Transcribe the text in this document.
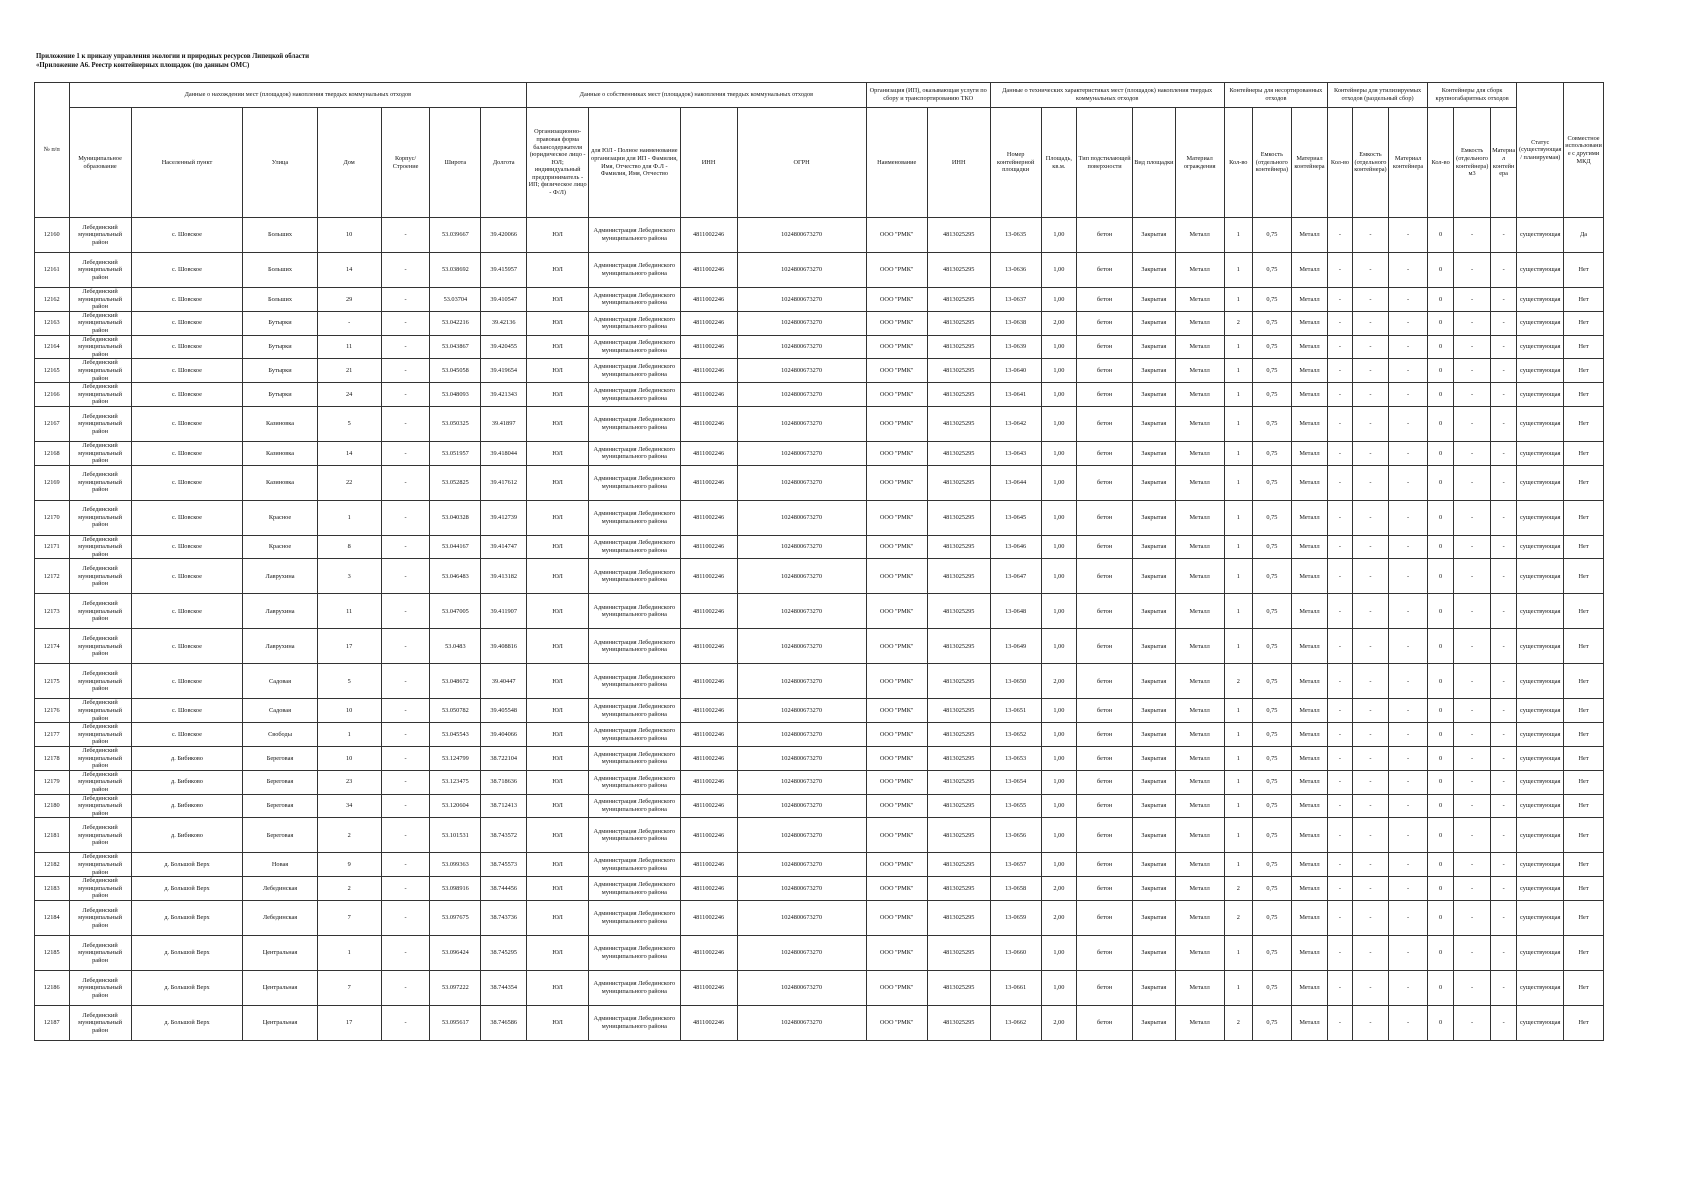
Приложение 1 к приказу управления экологии и природных ресурсов Липецкой области
«Приложение А6. Реестр контейнерных площадок (по данным ОМС)
№ п/п	Данные о нахождении мест (площадок) накопления твердых коммунальных отходов							Данные о собственниках мест (площадок) накопления твердых коммунальных отходов				Организация (ИП), оказывающая услуги по сбору и транспортированию ТКО		Данные о технических характеристиках мест (площадок) накопления твердых коммунальных отходов					Контейнеры для несортированных отходов			Контейнеры для утилизируемых отходов (раздельный сбор)			Контейнеры для сборк крупногабаритных отходов			Статус (существующая/ планируемая)	Совместное использование с другими МКД
	Муниципальное образование	Населенный пункт	Улица	Дом	Корпус/Строение	Широта	Долгота	Организационно-правовая форма балансодержателя (юридическое лицо - ЮЛ; индивидуальный предприниматель - ИП; физическое лицо - Ф/Л)	для ЮЛ - Полное наименование организации для ИП - Фамилия, Имя, Отчество для Ф.Л - Фамилия, Имя, Отчество	ИНН	ОГРН	Наименование	ИНН	Номер контейнерной площадки	Площадь, кв.м.	Тип подстилающей поверхности	Вид площадки	Материал ограждения	Кол-во	Емкость (отдельного контейнера)	Материал контейнера	Кол-во	Емкость (отдельного контейнера)	Материал контейнера	Кол-во	Емкость (отдельного контейнера) м3	Материал контейнера		
12160	Лебединский муниципальный район	с. Шовское	Больших	10	-	53.039667	39.420066	ЮЛ	Администрация Лебединского муниципального района	4811002246	1024800673270	ООО "РМК"	4813025295	13-0635	1,00	бетон	Закрытая	Металл	1	0,75	Металл	-	-	-	0	-	-	существующая	Да
12161	Лебединский муниципальный район	с. Шовское	Больших	14	-	53.038692	39.415957	ЮЛ	Администрация Лебединского муниципального района	4811002246	1024800673270	ООО "РМК"	4813025295	13-0636	1,00	бетон	Закрытая	Металл	1	0,75	Металл	-	-	-	0	-	-	существующая	Нет
12162	Лебединский муниципальный район	с. Шовское	Больших	29	-	53.03704	39.410547	ЮЛ	Администрация Лебединского муниципального района	4811002246	1024800673270	ООО "РМК"	4813025295	13-0637	1,00	бетон	Закрытая	Металл	1	0,75	Металл	-	-	-	0	-	-	существующая	Нет
12163	Лебединский муниципальный район	с. Шовское	Бутырки	-	-	53.042216	39.42136	ЮЛ	Администрация Лебединского муниципального района	4811002246	1024800673270	ООО "РМК"	4813025295	13-0638	2,00	бетон	Закрытая	Металл	2	0,75	Металл	-	-	-	0	-	-	существующая	Нет
12164	Лебединский муниципальный район	с. Шовское	Бутырки	11	-	53.043867	39.420455	ЮЛ	Администрация Лебединского муниципального района	4811002246	1024800673270	ООО "РМК"	4813025295	13-0639	1,00	бетон	Закрытая	Металл	1	0,75	Металл	-	-	-	0	-	-	существующая	Нет
12165	Лебединский муниципальный район	с. Шовское	Бутырки	21	-	53.045058	39.419654	ЮЛ	Администрация Лебединского муниципального района	4811002246	1024800673270	ООО "РМК"	4813025295	13-0640	1,00	бетон	Закрытая	Металл	1	0,75	Металл	-	-	-	0	-	-	существующая	Нет
12166	Лебединский муниципальный район	с. Шовское	Бутырки	24	-	53.048093	39.421343	ЮЛ	Администрация Лебединского муниципального района	4811002246	1024800673270	ООО "РМК"	4813025295	13-0641	1,00	бетон	Закрытая	Металл	1	0,75	Металл	-	-	-	0	-	-	существующая	Нет
12167	Лебединский муниципальный район	с. Шовское	Казиновка	5	-	53.050325	39.41897	ЮЛ	Администрация Лебединского муниципального района	4811002246	1024800673270	ООО "РМК"	4813025295	13-0642	1,00	бетон	Закрытая	Металл	1	0,75	Металл	-	-	-	0	-	-	существующая	Нет
12168	Лебединский муниципальный район	с. Шовское	Казиновка	14	-	53.051957	39.418044	ЮЛ	Администрация Лебединского муниципального района	4811002246	1024800673270	ООО "РМК"	4813025295	13-0643	1,00	бетон	Закрытая	Металл	1	0,75	Металл	-	-	-	0	-	-	существующая	Нет
12169	Лебединский муниципальный район	с. Шовское	Казиновка	22	-	53.052825	39.417612	ЮЛ	Администрация Лебединского муниципального района	4811002246	1024800673270	ООО "РМК"	4813025295	13-0644	1,00	бетон	Закрытая	Металл	1	0,75	Металл	-	-	-	0	-	-	существующая	Нет
12170	Лебединский муниципальный район	с. Шовское	Красное	1	-	53.040328	39.412739	ЮЛ	Администрация Лебединского муниципального района	4811002246	1024800673270	ООО "РМК"	4813025295	13-0645	1,00	бетон	Закрытая	Металл	1	0,75	Металл	-	-	-	0	-	-	существующая	Нет
12171	Лебединский муниципальный район	с. Шовское	Красное	8	-	53.044167	39.414747	ЮЛ	Администрация Лебединского муниципального района	4811002246	1024800673270	ООО "РМК"	4813025295	13-0646	1,00	бетон	Закрытая	Металл	1	0,75	Металл	-	-	-	0	-	-	существующая	Нет
12172	Лебединский муниципальный район	с. Шовское	Лаврухина	3	-	53.046483	39.413182	ЮЛ	Администрация Лебединского муниципального района	4811002246	1024800673270	ООО "РМК"	4813025295	13-0647	1,00	бетон	Закрытая	Металл	1	0,75	Металл	-	-	-	0	-	-	существующая	Нет
12173	Лебединский муниципальный район	с. Шовское	Лаврухина	11	-	53.047005	39.411907	ЮЛ	Администрация Лебединского муниципального района	4811002246	1024800673270	ООО "РМК"	4813025295	13-0648	1,00	бетон	Закрытая	Металл	1	0,75	Металл	-	-	-	0	-	-	существующая	Нет
12174	Лебединский муниципальный район	с. Шовское	Лаврухина	17	-	53.0483	39.408816	ЮЛ	Администрация Лебединского муниципального района	4811002246	1024800673270	ООО "РМК"	4813025295	13-0649	1,00	бетон	Закрытая	Металл	1	0,75	Металл	-	-	-	0	-	-	существующая	Нет
12175	Лебединский муниципальный район	с. Шовское	Садовая	5	-	53.048672	39.40447	ЮЛ	Администрация Лебединского муниципального района	4811002246	1024800673270	ООО "РМК"	4813025295	13-0650	2,00	бетон	Закрытая	Металл	2	0,75	Металл	-	-	-	0	-	-	существующая	Нет
12176	Лебединский муниципальный район	с. Шовское	Садовая	10	-	53.050782	39.405548	ЮЛ	Администрация Лебединского муниципального района	4811002246	1024800673270	ООО "РМК"	4813025295	13-0651	1,00	бетон	Закрытая	Металл	1	0,75	Металл	-	-	-	0	-	-	существующая	Нет
12177	Лебединский муниципальный район	с. Шовское	Свободы	1	-	53.045543	39.404066	ЮЛ	Администрация Лебединского муниципального района	4811002246	1024800673270	ООО "РМК"	4813025295	13-0652	1,00	бетон	Закрытая	Металл	1	0,75	Металл	-	-	-	0	-	-	существующая	Нет
12178	Лебединский муниципальный район	д. Бибиково	Береговая	10	-	53.124799	38.722104	ЮЛ	Администрация Лебединского муниципального района	4811002246	1024800673270	ООО "РМК"	4813025295	13-0653	1,00	бетон	Закрытая	Металл	1	0,75	Металл	-	-	-	0	-	-	существующая	Нет
12179	Лебединский муниципальный район	д. Бибиково	Береговая	23	-	53.123475	38.718636	ЮЛ	Администрация Лебединского муниципального района	4811002246	1024800673270	ООО "РМК"	4813025295	13-0654	1,00	бетон	Закрытая	Металл	1	0,75	Металл	-	-	-	0	-	-	существующая	Нет
12180	Лебединский муниципальный район	д. Бибиково	Береговая	34	-	53.120604	38.712413	ЮЛ	Администрация Лебединского муниципального района	4811002246	1024800673270	ООО "РМК"	4813025295	13-0655	1,00	бетон	Закрытая	Металл	1	0,75	Металл	-	-	-	0	-	-	существующая	Нет
12181	Лебединский муниципальный район	д. Бибиково	Береговая	2	-	53.101531	38.743572	ЮЛ	Администрация Лебединского муниципального района	4811002246	1024800673270	ООО "РМК"	4813025295	13-0656	1,00	бетон	Закрытая	Металл	1	0,75	Металл	-	-	-	0	-	-	существующая	Нет
12182	Лебединский муниципальный район	д. Большой Верх	Новая	9	-	53.099363	38.745573	ЮЛ	Администрация Лебединского муниципального района	4811002246	1024800673270	ООО "РМК"	4813025295	13-0657	1,00	бетон	Закрытая	Металл	1	0,75	Металл	-	-	-	0	-	-	существующая	Нет
12183	Лебединский муниципальный район	д. Большой Верх	Лебединская	2	-	53.098916	38.744456	ЮЛ	Администрация Лебединского муниципального района	4811002246	1024800673270	ООО "РМК"	4813025295	13-0658	2,00	бетон	Закрытая	Металл	2	0,75	Металл	-	-	-	0	-	-	существующая	Нет
12184	Лебединский муниципальный район	д. Большой Верх	Лебединская	7	-	53.097675	38.743736	ЮЛ	Администрация Лебединского муниципального района	4811002246	1024800673270	ООО "РМК"	4813025295	13-0659	2,00	бетон	Закрытая	Металл	2	0,75	Металл	-	-	-	0	-	-	существующая	Нет
12185	Лебединский муниципальный район	д. Большой Верх	Центральная	1	-	53.096424	38.745295	ЮЛ	Администрация Лебединского муниципального района	4811002246	1024800673270	ООО "РМК"	4813025295	13-0660	1,00	бетон	Закрытая	Металл	1	0,75	Металл	-	-	-	0	-	-	существующая	Нет
12186	Лебединский муниципальный район	д. Большой Верх	Центральная	7	-	53.097222	38.744354	ЮЛ	Администрация Лебединского муниципального района	4811002246	1024800673270	ООО "РМК"	4813025295	13-0661	1,00	бетон	Закрытая	Металл	1	0,75	Металл	-	-	-	0	-	-	существующая	Нет
12187	Лебединский муниципальный район	д. Большой Верх	Центральная	17	-	53.095617	38.746586	ЮЛ	Администрация Лебединского муниципального района	4811002246	1024800673270	ООО "РМК"	4813025295	13-0662	2,00	бетон	Закрытая	Металл	2	0,75	Металл	-	-	-	0	-	-	существующая	Нет
